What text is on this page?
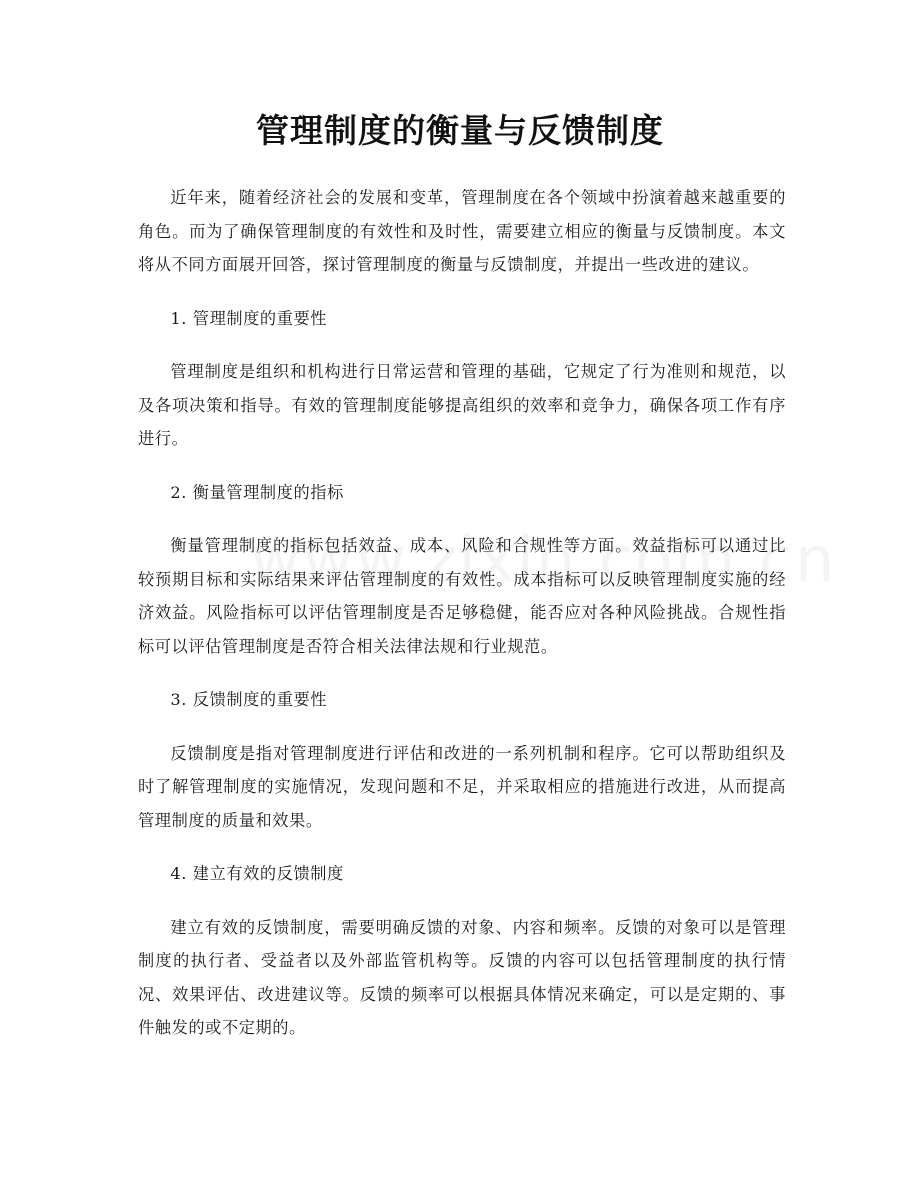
管理制度的衡量与反馈制度

近年来，随着经济社会的发展和变革，管理制度在各个领域中扮演着越来越重要的角色。而为了确保管理制度的有效性和及时性，需要建立相应的衡量与反馈制度。本文将从不同方面展开回答，探讨管理制度的衡量与反馈制度，并提出一些改进的建议。

1. 管理制度的重要性

管理制度是组织和机构进行日常运营和管理的基础，它规定了行为准则和规范，以及各项决策和指导。有效的管理制度能够提高组织的效率和竞争力，确保各项工作有序进行。

2. 衡量管理制度的指标

衡量管理制度的指标包括效益、成本、风险和合规性等方面。效益指标可以通过比较预期目标和实际结果来评估管理制度的有效性。成本指标可以反映管理制度实施的经济效益。风险指标可以评估管理制度是否足够稳健，能否应对各种风险挑战。合规性指标可以评估管理制度是否符合相关法律法规和行业规范。

3. 反馈制度的重要性

反馈制度是指对管理制度进行评估和改进的一系列机制和程序。它可以帮助组织及时了解管理制度的实施情况，发现问题和不足，并采取相应的措施进行改进，从而提高管理制度的质量和效果。

4. 建立有效的反馈制度

建立有效的反馈制度，需要明确反馈的对象、内容和频率。反馈的对象可以是管理制度的执行者、受益者以及外部监管机构等。反馈的内容可以包括管理制度的执行情况、效果评估、改进建议等。反馈的频率可以根据具体情况来确定，可以是定期的、事件触发的或不定期的。
